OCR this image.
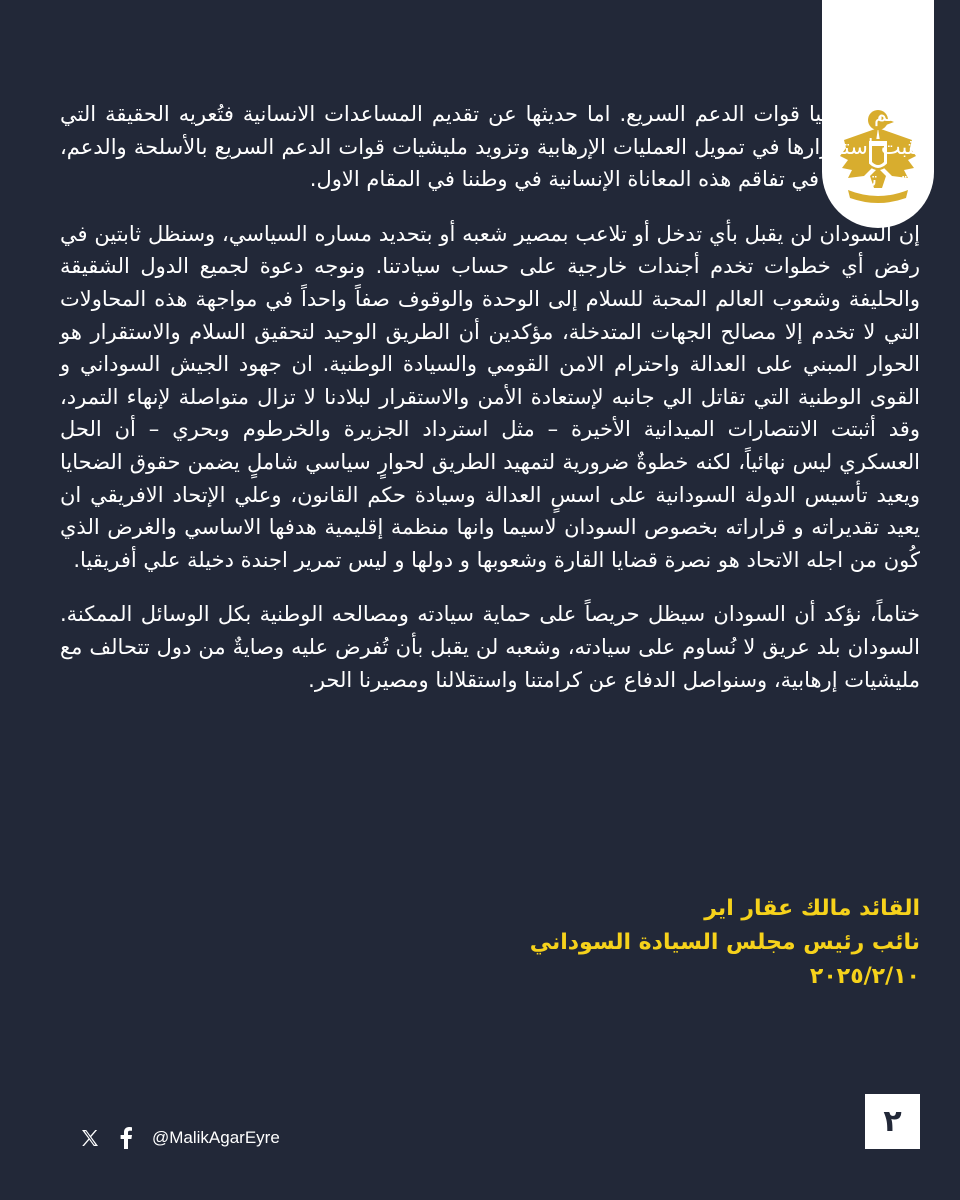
ودعم مليشيا قوات الدعم السريع. اما حديثها عن تقديم المساعدات الانسانية فتُعريه الحقيقة التي تثبت استمرارها في تمويل العمليات الإرهابية وتزويد مليشيات قوات الدعم السريع بالأسلحة والدعم، التي تسبب في تفاقم هذه المعاناة الإنسانية في وطننا في المقام الاول.

إن السودان لن يقبل بأي تدخل أو تلاعب بمصير شعبه أو بتحديد مساره السياسي، وسنظل ثابتين في رفض أي خطوات تخدم أجندات خارجية على حساب سيادتنا. ونوجه دعوة لجميع الدول الشقيقة والحليفة وشعوب العالم المحبة للسلام إلى الوحدة والوقوف صفاً واحداً في مواجهة هذه المحاولات التي لا تخدم إلا مصالح الجهات المتدخلة، مؤكدين أن الطريق الوحيد لتحقيق السلام والاستقرار هو الحوار المبني على العدالة واحترام الامن القومي والسيادة الوطنية. ان جهود الجيش السوداني و القوى الوطنية التي تقاتل الي جانبه لإستعادة الأمن والاستقرار لبلادنا لا تزال متواصلة لإنهاء التمرد، وقد أثبتت الانتصارات الميدانية الأخيرة – مثل استرداد الجزيرة والخرطوم وبحري – أن الحل العسكري ليس نهائياً، لكنه خطوةٌ ضرورية لتمهيد الطريق لحوارٍ سياسي شاملٍ يضمن حقوق الضحايا ويعيد تأسيس الدولة السودانية على اسسٍ العدالة وسيادة حكم القانون، وعلي الإتحاد الافريقي ان يعيد تقديراته و قراراته بخصوص السودان لاسيما وانها منظمة إقليمية هدفها الاساسي والغرض الذي كُون من اجله الاتحاد هو نصرة قضايا القارة وشعوبها و دولها و ليس تمرير اجندة دخيلة علي أفريقيا.

ختاماً، نؤكد أن السودان سيظل حريصاً على حماية سيادته ومصالحه الوطنية بكل الوسائل الممكنة. السودان بلد عريق لا نُساوم على سيادته، وشعبه لن يقبل بأن تُفرض عليه وصايةٌ من دول تتحالف مع مليشيات إرهابية، وسنواصل الدفاع عن كرامتنا واستقلالنا ومصيرنا الحر.

القائد مالك عقار اير
نائب رئيس مجلس السيادة السوداني
٢٠٢٥/٢/١٠
@MalikAgarEyre	٢
